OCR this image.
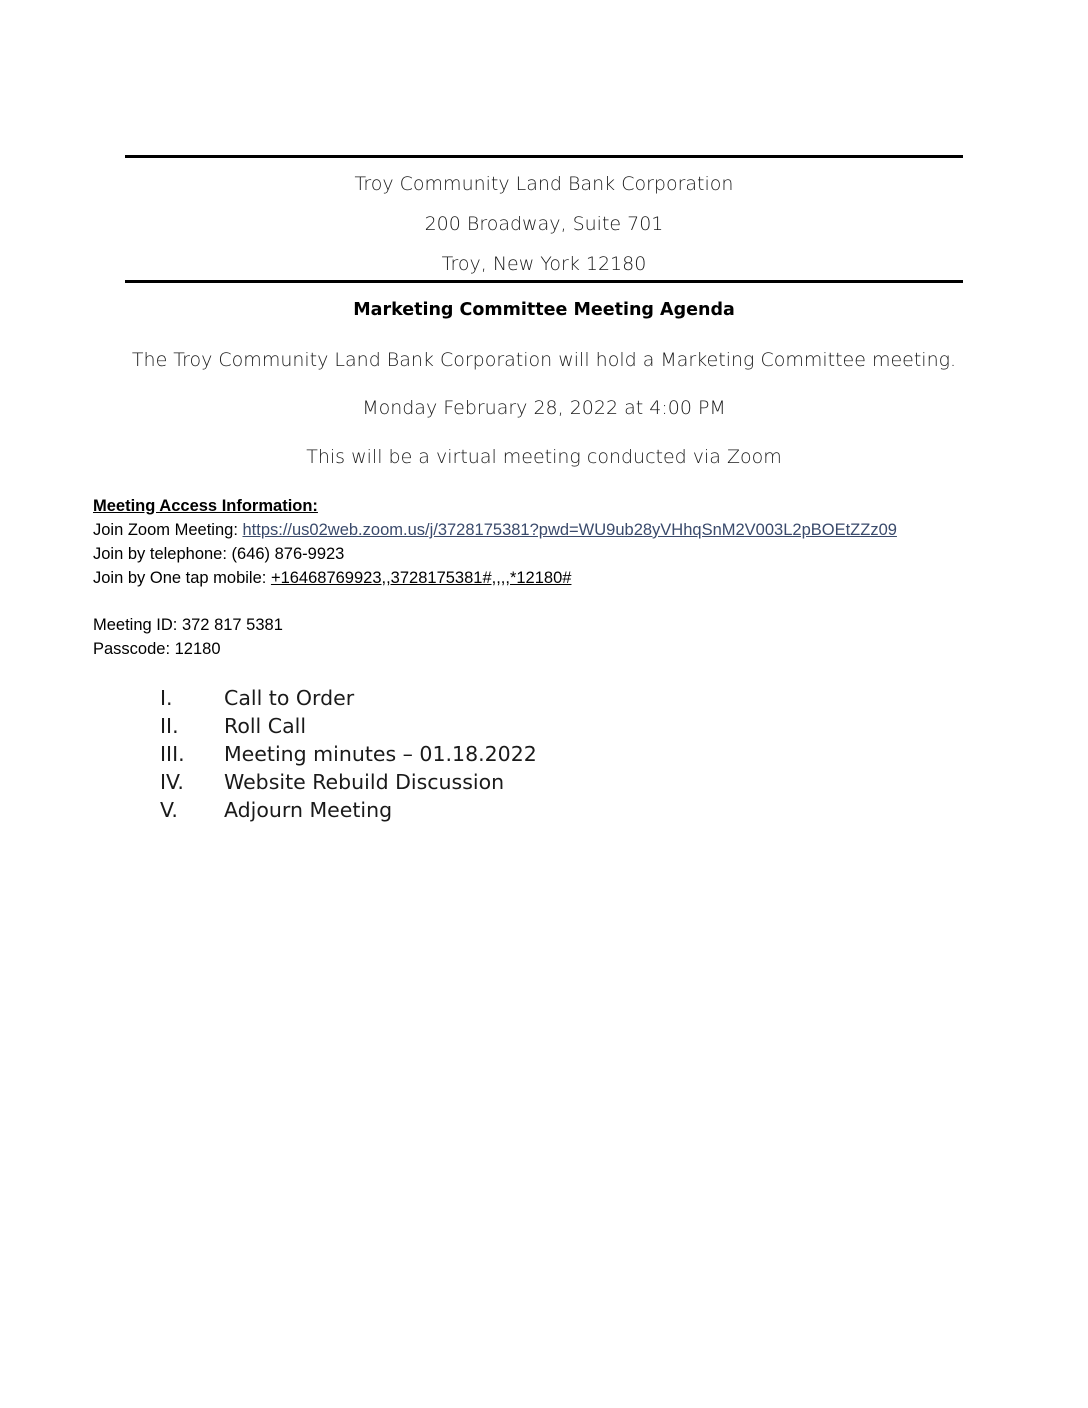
Troy Community Land Bank Corporation
200 Broadway, Suite 701
Troy, New York 12180
Marketing Committee Meeting Agenda
The Troy Community Land Bank Corporation will hold a Marketing Committee meeting.
Monday February 28, 2022 at 4:00 PM
This will be a virtual meeting conducted via Zoom
Meeting Access Information:
Join Zoom Meeting: https://us02web.zoom.us/j/3728175381?pwd=WU9ub28yVHhqSnM2V003L2pBOEtZZz09
Join by telephone: (646) 876-9923
Join by One tap mobile: +16468769923,,3728175381#,,,,*12180#
Meeting ID: 372 817 5381
Passcode: 12180
I.	Call to Order
II. Roll Call
III. Meeting minutes – 01.18.2022
IV. Website Rebuild Discussion
V. Adjourn Meeting
